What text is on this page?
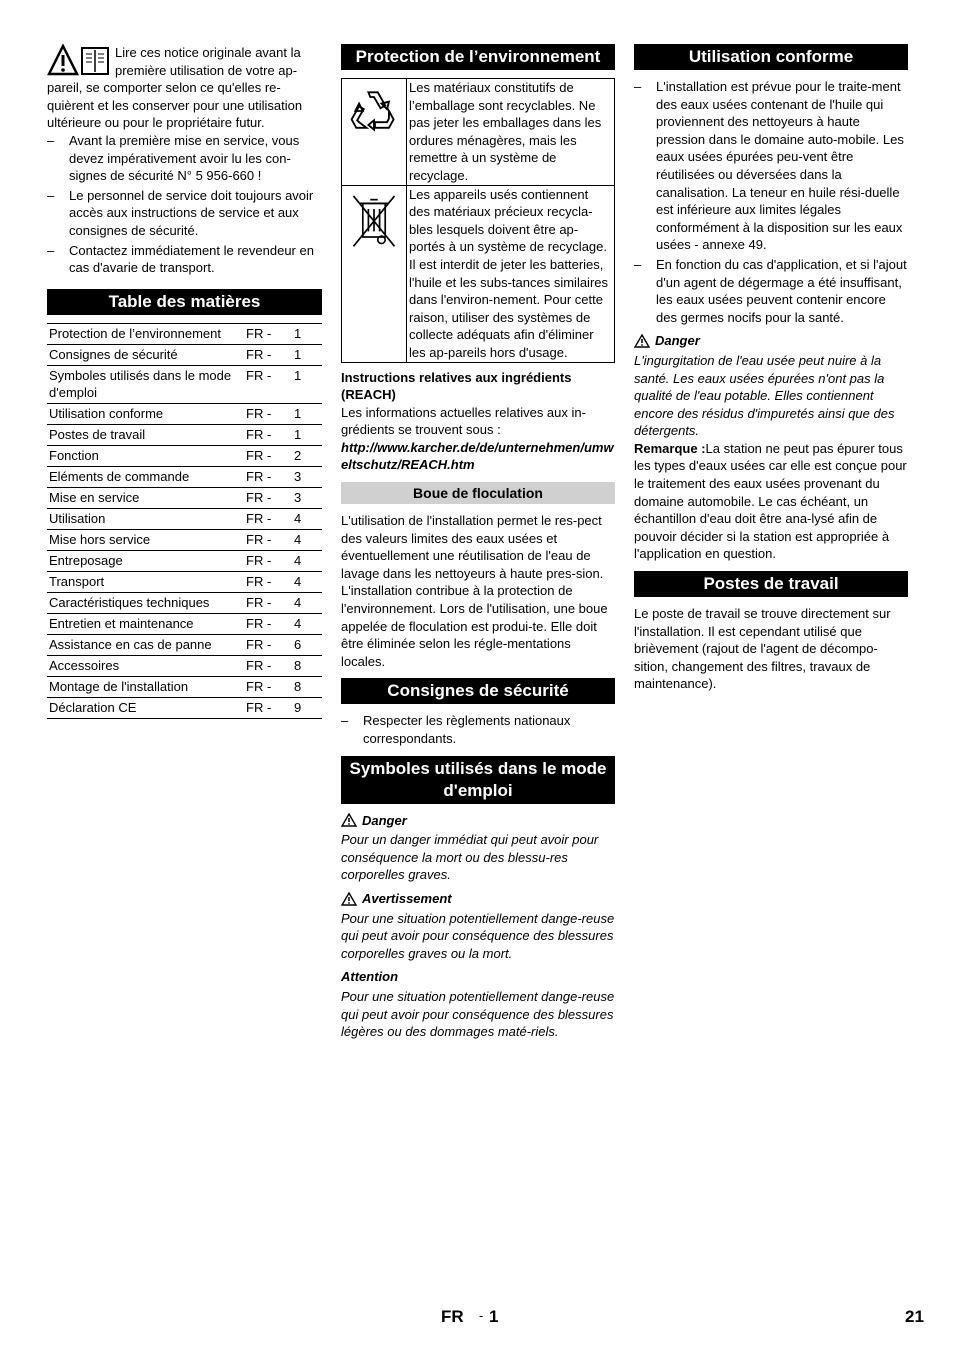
Lire ces notice originale avant la première utilisation de votre ap-pareil, se comporter selon ce qu'elles re-quièrent et les conserver pour une utilisation ultérieure ou pour le propriétaire futur.

– Avant la première mise en service, vous devez impérativement avoir lu les con-signes de sécurité N° 5 956-660 !
– Le personnel de service doit toujours avoir accès aux instructions de service et aux consignes de sécurité.
– Contactez immédiatement le revendeur en cas d'avarie de transport.
Table des matières
Protection de l’environnement	FR -	1
Consignes de sécurité	FR -	1
Symboles utilisés dans le mode d'emploi	FR -	1
Utilisation conforme	FR -	1
Postes de travail	FR -	1
Fonction	FR -	2
Eléments de commande	FR -	3
Mise en service	FR -	3
Utilisation	FR -	4
Mise hors service	FR -	4
Entreposage	FR -	4
Transport	FR -	4
Caractéristiques techniques	FR -	4
Entretien et maintenance	FR -	4
Assistance en cas de panne	FR -	6
Accessoires	FR -	8
Montage de l'installation	FR -	8
Déclaration CE	FR -	9
Protection de l’environnement
	Les matériaux constitutifs de l’emballage sont recyclables. Ne pas jeter les emballages dans les ordures ménagères, mais les remettre à un système de recyclage.
	Les appareils usés contiennent des matériaux précieux recycla-bles lesquels doivent être ap-portés à un système de recyclage. Il est interdit de jeter les batteries, l'huile et les subs-tances similaires dans l'environ-nement. Pour cette raison, utiliser des systèmes de collecte adéquats afin d'éliminer les ap-pareils hors d'usage.

Instructions relatives aux ingrédients (REACH)

Les informations actuelles relatives aux in-grédients se trouvent sous :

http://www.karcher.de/de/unternehmen/umweltschutz/REACH.htm

Boue de floculation

L'utilisation de l'installation permet le res-pect des valeurs limites des eaux usées et éventuellement une réutilisation de l'eau de lavage dans les nettoyeurs à haute pres-sion. L'installation contribue à la protection de l'environnement. Lors de l'utilisation, une boue appelée de floculation est produi-te. Elle doit être éliminée selon les régle-mentations locales.

Consignes de sécurité
– Respecter les règlements nationaux correspondants.
Symboles utilisés dans le mode d'emploi
Danger

Pour un danger immédiat qui peut avoir pour conséquence la mort ou des blessu-res corporelles graves.

Avertissement

Pour une situation potentiellement dange-reuse qui peut avoir pour conséquence des blessures corporelles graves ou la mort.

Attention

Pour une situation potentiellement dange-reuse qui peut avoir pour conséquence des blessures légères ou des dommages maté-riels.

Utilisation conforme
– L'installation est prévue pour le traite-ment des eaux usées contenant de l'huile qui proviennent des nettoyeurs à haute pression dans le domaine auto-mobile. Les eaux usées épurées peu-vent être réutilisées ou déversées dans la canalisation. La teneur en huile rési-duelle est inférieure aux limites légales conformément à la disposition sur les eaux usées - annexe 49.
– En fonction du cas d'application, et si l'ajout d'un agent de dégermage a été insuffisant, les eaux usées peuvent contenir encore des germes nocifs pour la santé.
Danger

L'ingurgitation de l'eau usée peut nuire à la santé. Les eaux usées épurées n'ont pas la qualité de l'eau potable. Elles contiennent encore des résidus d'impuretés ainsi que des détergents.

Remarque :La station ne peut pas épurer tous les types d'eaux usées car elle est conçue pour le traitement des eaux usées provenant du domaine automobile. Le cas échéant, un échantillon d'eau doit être ana-lysé afin de pouvoir décider si la station est appropriée à l'application en question.

Postes de travail

Le poste de travail se trouve directement sur l'installation. Il est cependant utilisé que brièvement (rajout de l'agent de décompo-sition, changement des filtres, travaux de maintenance).

FR - 1	21
